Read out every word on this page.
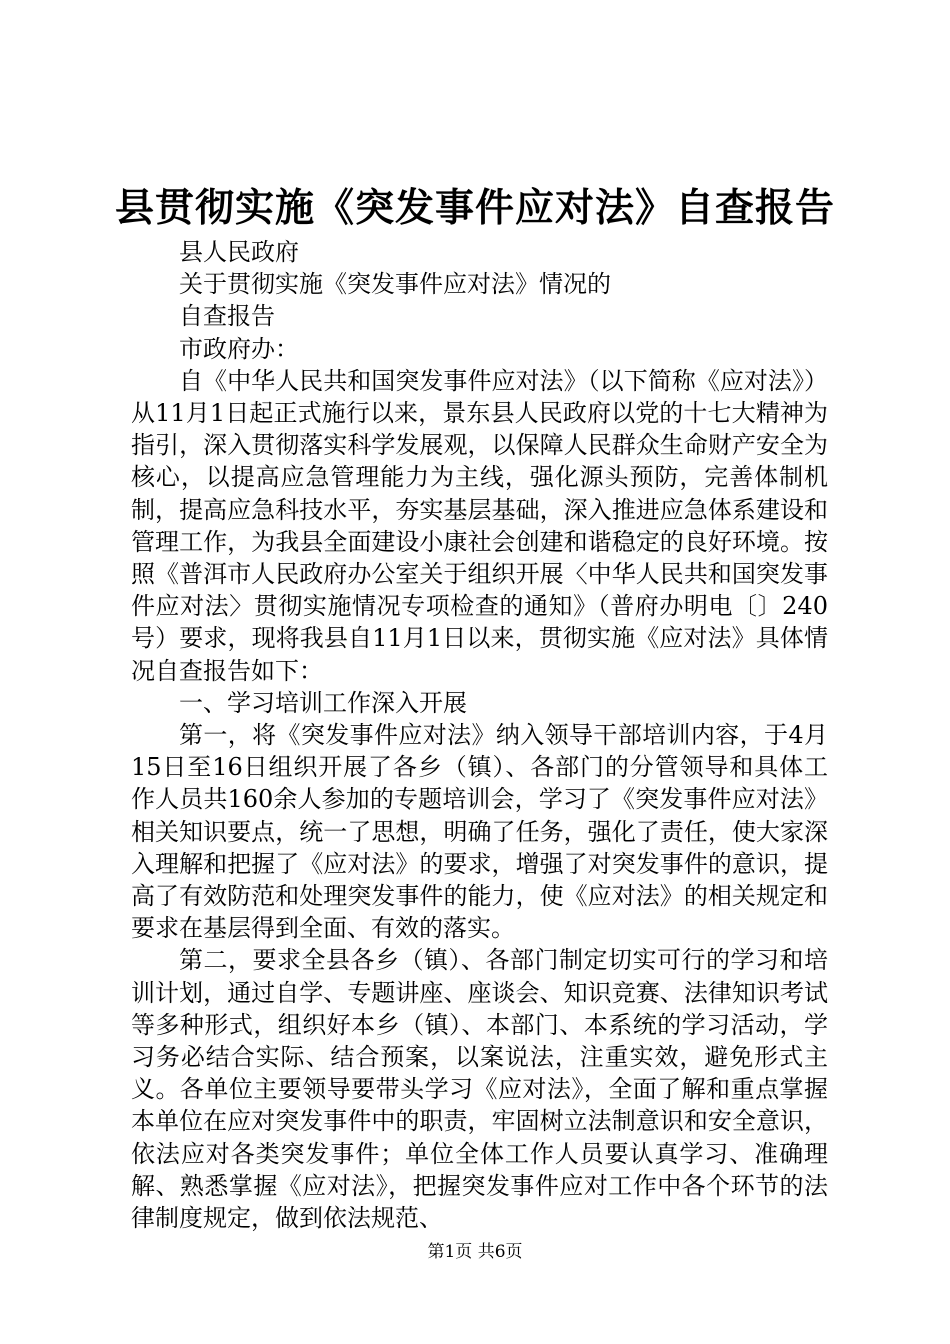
县贯彻实施《突发事件应对法》自查报告

县人民政府

关于贯彻实施《突发事件应对法》情况的

自查报告

市政府办：

自《中华人民共和国突发事件应对法》（以下简称《应对法》）从11月1日起正式施行以来，景东县人民政府以党的十七大精神为指引，深入贯彻落实科学发展观，以保障人民群众生命财产安全为核心，以提高应急管理能力为主线，强化源头预防，完善体制机制，提高应急科技水平，夯实基层基础，深入推进应急体系建设和管理工作，为我县全面建设小康社会创建和谐稳定的良好环境。按照《普洱市人民政府办公室关于组织开展〈中华人民共和国突发事件应对法〉贯彻实施情况专项检查的通知》（普府办明电〔〕240号）要求，现将我县自11月1日以来，贯彻实施《应对法》具体情况自查报告如下：

一、学习培训工作深入开展

第一，将《突发事件应对法》纳入领导干部培训内容，于4月15日至16日组织开展了各乡（镇）、各部门的分管领导和具体工作人员共160余人参加的专题培训会，学习了《突发事件应对法》相关知识要点，统一了思想，明确了任务，强化了责任，使大家深入理解和把握了《应对法》的要求，增强了对突发事件的意识，提高了有效防范和处理突发事件的能力，使《应对法》的相关规定和要求在基层得到全面、有效的落实。

第二，要求全县各乡（镇）、各部门制定切实可行的学习和培训计划，通过自学、专题讲座、座谈会、知识竞赛、法律知识考试等多种形式，组织好本乡（镇）、本部门、本系统的学习活动，学习务必结合实际、结合预案，以案说法，注重实效，避免形式主义。各单位主要领导要带头学习《应对法》，全面了解和重点掌握本单位在应对突发事件中的职责，牢固树立法制意识和安全意识，依法应对各类突发事件；单位全体工作人员要认真学习、准确理解、熟悉掌握《应对法》，把握突发事件应对工作中各个环节的法律制度规定，做到依法规范、

第1页 共6页
